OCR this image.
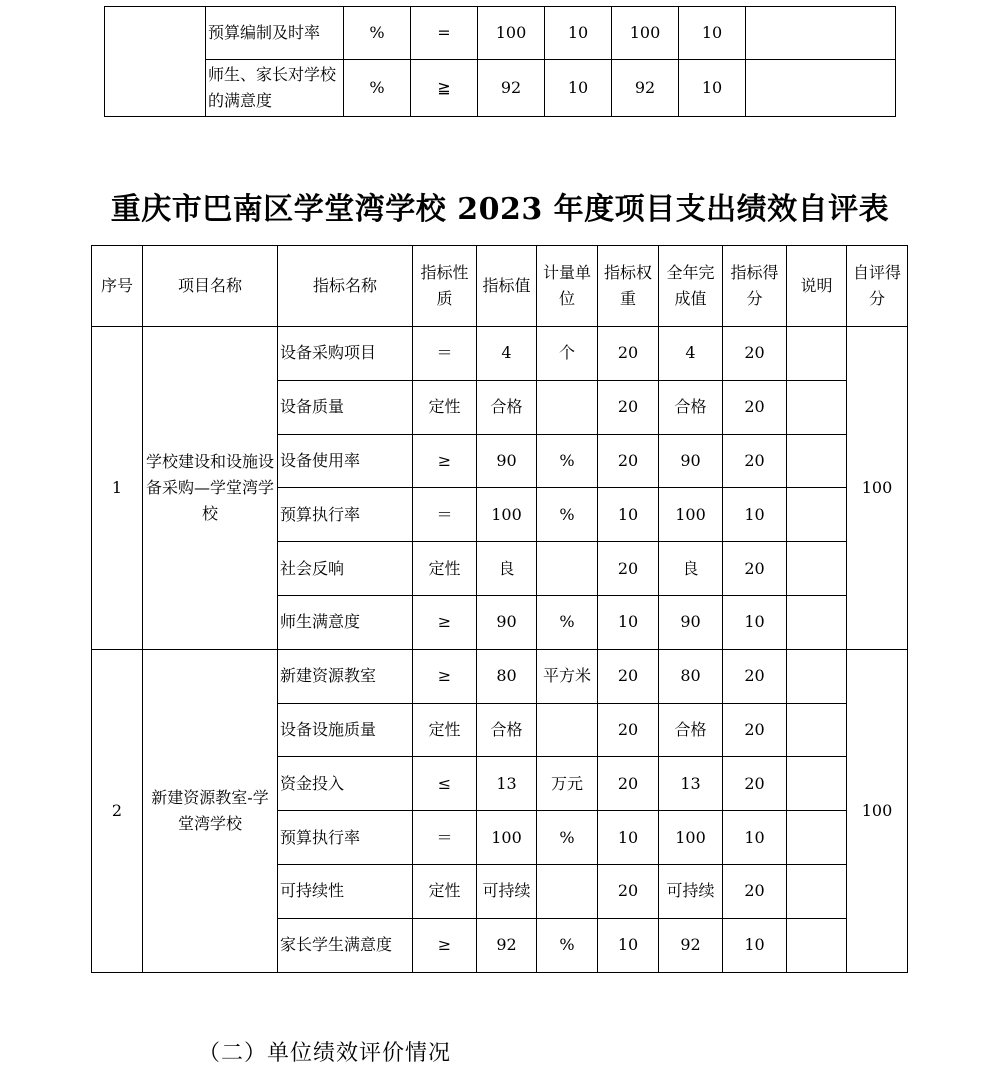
	预算编制及时率	%	=	100	10	100	10	
	师生、家长对学校的满意度	%	≧	92	10	92	10	
重庆市巴南区学堂湾学校 2023 年度项目支出绩效自评表
序号	项目名称	指标名称	指标性质	指标值	计量单位	指标权重	全年完成值	指标得分	说明	自评得分
1	学校建设和设施设备采购—学堂湾学校	设备采购项目	＝	4	个	20	4	20		100
		设备质量	定性	合格		20	合格	20		
		设备使用率	≥	90	%	20	90	20		
		预算执行率	＝	100	%	10	100	10		
		社会反响	定性	良		20	良	20		
		师生满意度	≥	90	%	10	90	10		
2	新建资源教室-学堂湾学校	新建资源教室	≥	80	平方米	20	80	20		100
		设备设施质量	定性	合格		20	合格	20		
		资金投入	≤	13	万元	20	13	20		
		预算执行率	＝	100	%	10	100	10		
		可持续性	定性	可持续		20	可持续	20		
		家长学生满意度	≥	92	%	10	92	10		
（二）单位绩效评价情况
